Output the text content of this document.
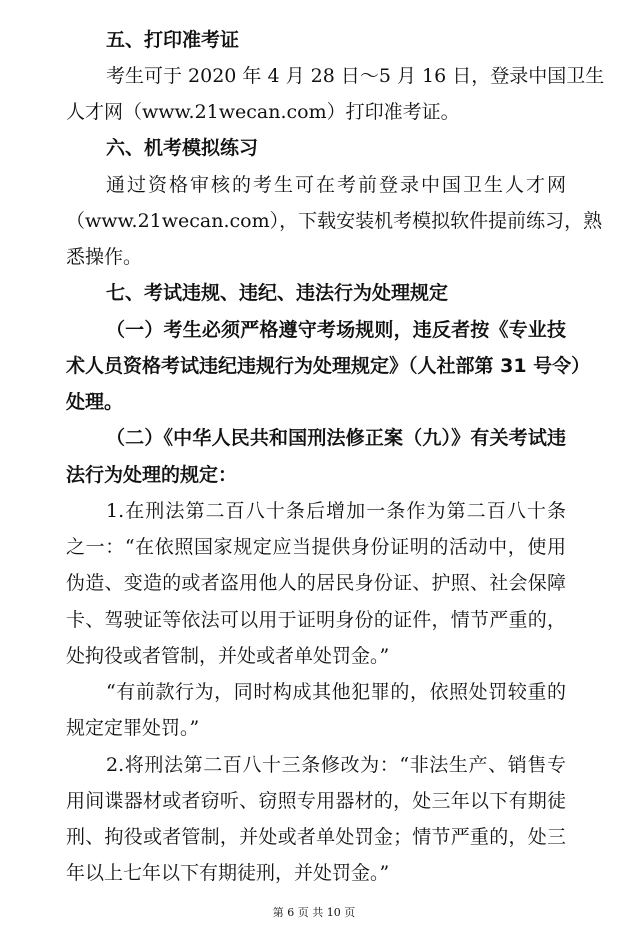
五、打印准考证
考生可于 2020 年 4 月 28 日～5 月 16 日，登录中国卫生
人才网（www.21wecan.com）打印准考证。
六、机考模拟练习
通过资格审核的考生可在考前登录中国卫生人才网
（www.21wecan.com），下载安装机考模拟软件提前练习，熟
悉操作。
七、考试违规、违纪、违法行为处理规定
（一）考生必须严格遵守考场规则，违反者按《专业技
术人员资格考试违纪违规行为处理规定》（人社部第 31 号令）
处理。
（二）《中华人民共和国刑法修正案（九）》有关考试违
法行为处理的规定：
1.在刑法第二百八十条后增加一条作为第二百八十条
之一：“在依照国家规定应当提供身份证明的活动中，使用
伪造、变造的或者盗用他人的居民身份证、护照、社会保障
卡、驾驶证等依法可以用于证明身份的证件，情节严重的，
处拘役或者管制，并处或者单处罚金。”
“有前款行为，同时构成其他犯罪的，依照处罚较重的
规定定罪处罚。”
2.将刑法第二百八十三条修改为：“非法生产、销售专
用间谍器材或者窃听、窃照专用器材的，处三年以下有期徒
刑、拘役或者管制，并处或者单处罚金；情节严重的，处三
年以上七年以下有期徒刑，并处罚金。”
第 6 页 共 10 页
